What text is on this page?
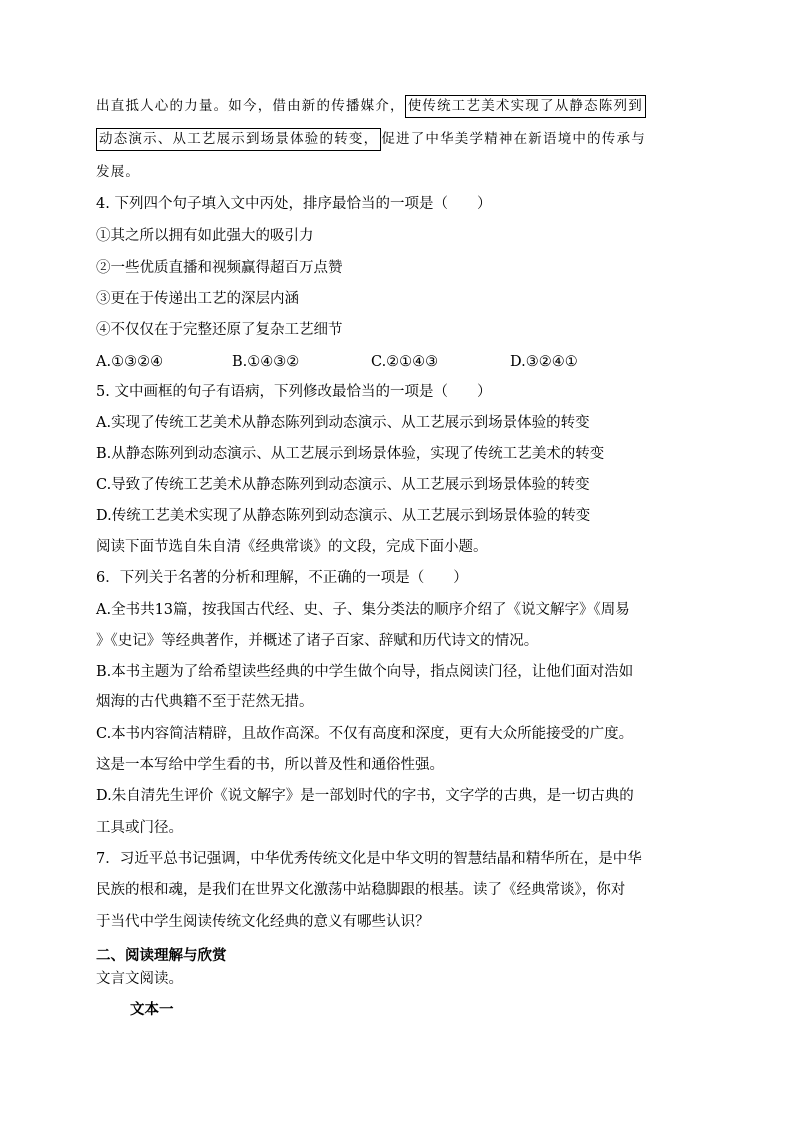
出直抵人心的力量。如今，借由新的传播媒介， 使传统工艺美术实现了从静态陈列到
动态演示、从工艺展示到场景体验的转变， 促进了中华美学精神在新语境中的传承与
发展。
4. 下列四个句子填入文中丙处，排序最恰当的一项是（　　）
①其之所以拥有如此强大的吸引力
②一些优质直播和视频赢得超百万点赞
③更在于传递出工艺的深层内涵
④不仅仅在于完整还原了复杂工艺细节
A.①③②④	B.①④③②	C.②①④③	D.③②④①
5. 文中画框的句子有语病，下列修改最恰当的一项是（　　）
A.实现了传统工艺美术从静态陈列到动态演示、从工艺展示到场景体验的转变
B.从静态陈列到动态演示、从工艺展示到场景体验，实现了传统工艺美术的转变
C.导致了传统工艺美术从静态陈列到动态演示、从工艺展示到场景体验的转变
D.传统工艺美术实现了从静态陈列到动态演示、从工艺展示到场景体验的转变
阅读下面节选自朱自清《经典常谈》的文段，完成下面小题。
6．下列关于名著的分析和理解，不正确的一项是（　　）
A.全书共13篇，按我国古代经、史、子、集分类法的顺序介绍了《说文解字》《周易
》《史记》等经典著作，并概述了诸子百家、辞赋和历代诗文的情况。
B.本书主题为了给希望读些经典的中学生做个向导，指点阅读门径，让他们面对浩如
烟海的古代典籍不至于茫然无措。
C.本书内容简洁精辟，且故作高深。不仅有高度和深度，更有大众所能接受的广度。
这是一本写给中学生看的书，所以普及性和通俗性强。
D.朱自清先生评价《说文解字》是一部划时代的字书，文字学的古典，是一切古典的
工具或门径。
7．习近平总书记强调，中华优秀传统文化是中华文明的智慧结晶和精华所在，是中华
民族的根和魂，是我们在世界文化激荡中站稳脚跟的根基。读了《经典常谈》，你对
于当代中学生阅读传统文化经典的意义有哪些认识？
二、阅读理解与欣赏
文言文阅读。
文本一
